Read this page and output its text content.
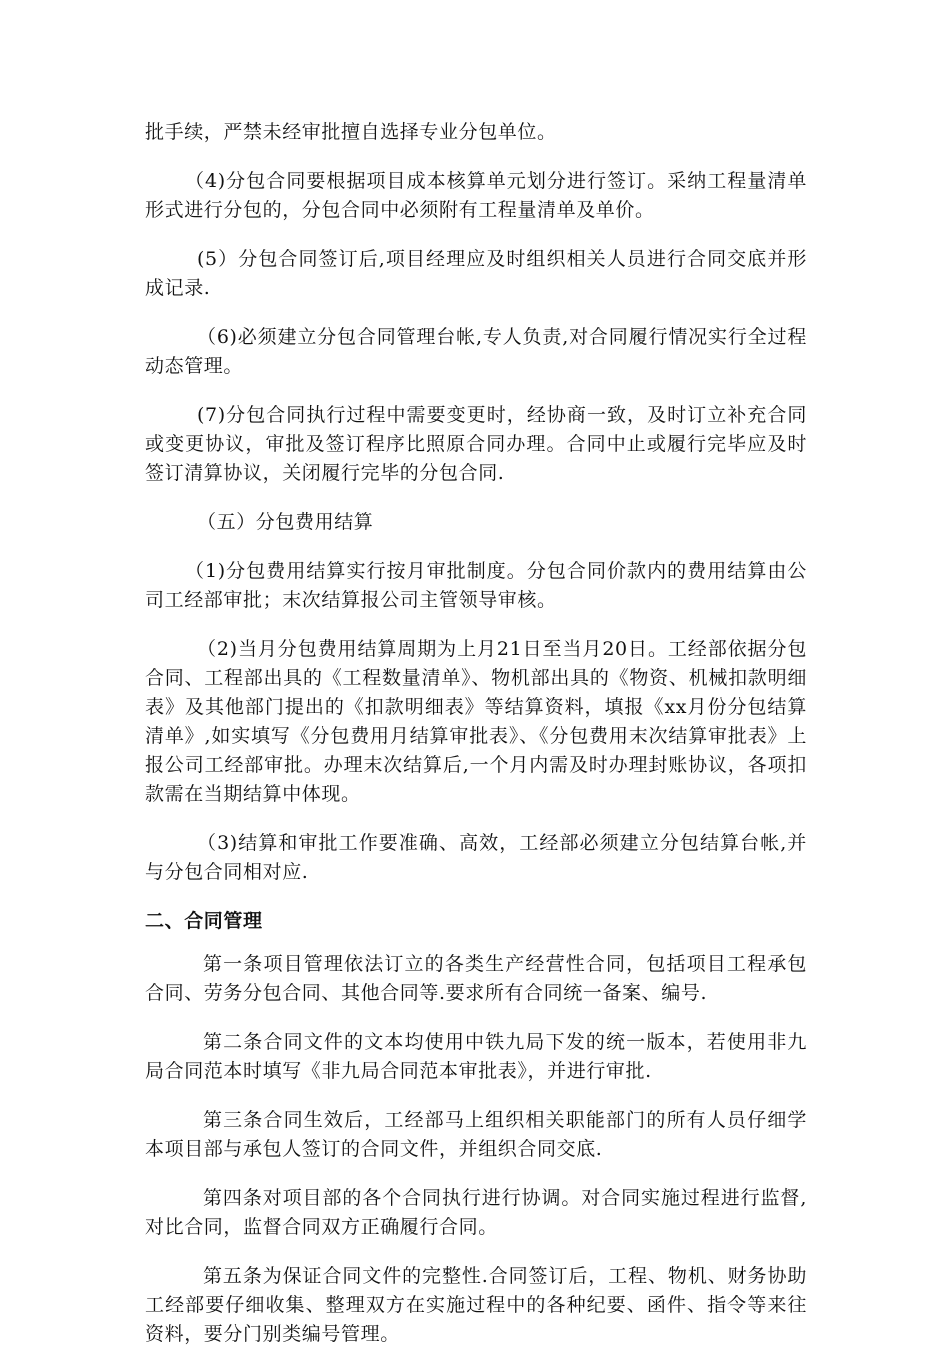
批手续，严禁未经审批擅自选择专业分包单位。

（4)分包合同要根据项目成本核算单元划分进行签订。采纳工程量清单形式进行分包的，分包合同中必须附有工程量清单及单价。

(5）分包合同签订后,项目经理应及时组织相关人员进行合同交底并形成记录.

（6)必须建立分包合同管理台帐,专人负责,对合同履行情况实行全过程动态管理。

(7)分包合同执行过程中需要变更时，经协商一致，及时订立补充合同或变更协议，审批及签订程序比照原合同办理。合同中止或履行完毕应及时签订清算协议，关闭履行完毕的分包合同.

（五）分包费用结算

（1)分包费用结算实行按月审批制度。分包合同价款内的费用结算由公司工经部审批；末次结算报公司主管领导审核。

（2)当月分包费用结算周期为上月21日至当月20日。工经部依据分包合同、工程部出具的《工程数量清单》、物机部出具的《物资、机械扣款明细表》及其他部门提出的《扣款明细表》等结算资料，填报《xx月份分包结算清单》,如实填写《分包费用月结算审批表》、《分包费用末次结算审批表》上报公司工经部审批。办理末次结算后,一个月内需及时办理封账协议，各项扣款需在当期结算中体现。

（3)结算和审批工作要准确、高效，工经部必须建立分包结算台帐,并与分包合同相对应.

二、合同管理

第一条项目管理依法订立的各类生产经营性合同，包括项目工程承包合同、劳务分包合同、其他合同等.要求所有合同统一备案、编号.

第二条合同文件的文本均使用中铁九局下发的统一版本，若使用非九局合同范本时填写《非九局合同范本审批表》，并进行审批.

第三条合同生效后，工经部马上组织相关职能部门的所有人员仔细学本项目部与承包人签订的合同文件，并组织合同交底.

第四条对项目部的各个合同执行进行协调。对合同实施过程进行监督,对比合同，监督合同双方正确履行合同。

第五条为保证合同文件的完整性.合同签订后，工程、物机、财务协助工经部要仔细收集、整理双方在实施过程中的各种纪要、函件、指令等来往资料，要分门别类编号管理。
